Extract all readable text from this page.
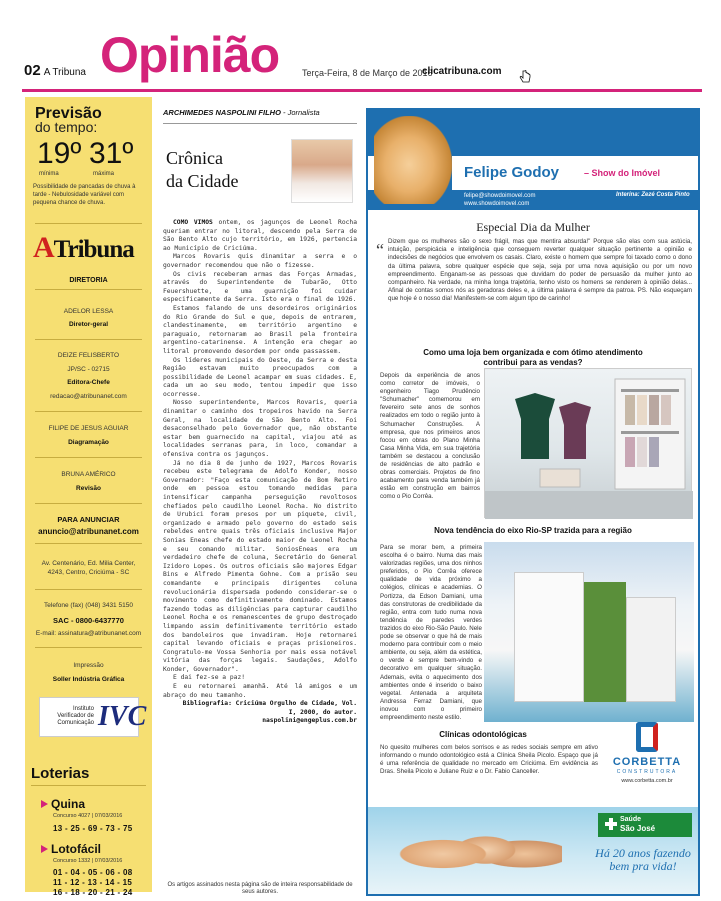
02 A Tribuna Opinião	Terça-Feira, 8 de Março de 2016
clicatribuna.com
Previsão
do tempo:
19º 31º
mínima	máxima
Possibilidade de pancadas de chuva à tarde - Nebulosidade variável com pequena chance de chuva.
ATribuna
DIRETORIA
ADELOR LESSA
Diretor-geral
DEIZE FELISBERTO
JP/SC - 02715
Editora-Chefe
redacao@atribunanet.com
FILIPE DE JESUS AGUIAR
Diagramação
BRUNA AMÉRICO
Revisão
PARA ANUNCIAR
anuncio@atribunanet.com
Av. Centenário, Ed. Milia Center, 4243, Centro, Criciúma - SC
Telefone (fax) (048) 3431 5150
SAC - 0800-6437770
E-mail: assinatura@atribunanet.com
Impressão
Soller Indústria Gráfica
Instituto Verificador de Comunicação IVC
Loterias
Quina
Concurso 4027 | 07/03/2016
13 - 25 - 69 - 73 - 75
Lotofácil
Concurso 1332 | 07/03/2016
01 - 04 - 05 - 06 - 08
11 - 12 - 13 - 14 - 15
16 - 18 - 20 - 21 - 24
ARCHIMEDES NASPOLINI FILHO - Jornalista
Crônica
da Cidade

COMO VIMOS ontem, os jagunços de Leonel Rocha queriam entrar no litoral, descendo pela Serra de São Bento Alto cujo território, em 1926, pertencia ao Município de Criciúma.

Marcos Rovaris quis dinamitar a serra e o governador recomendou que não o fizesse.

Os civis receberam armas das Forças Armadas, através do Superintendente de Tubarão, Otto Feuershuette, e uma guarnição foi cuidar especificamente da Serra. Isto era o final de 1926.

Estamos falando de uns desordeiros originários do Rio Grande do Sul e que, depois de entrarem, clandestinamente, em território argentino e paraguaio, retornaram ao Brasil pela fronteira argentino-catarinense. A intenção era chegar ao litoral promovendo desordem por onde passassem.

Os líderes municipais do Oeste, da Serra e desta Região estavam muito preocupados com a possibilidade de Leonel acampar em suas cidades. E, cada um ao seu modo, tentou impedir que isso ocorresse.

Nosso superintendente, Marcos Rovaris, queria dinamitar o caminho dos tropeiros havido na Serra Geral, na localidade de São Bento Alto. Foi desaconselhado pelo Governador que, não obstante estar bem guarnecido na capital, viajou até as localidades serranas para, in loco, comandar a ofensiva contra os jagunços.

Já no dia 8 de junho de 1927, Marcos Rovaris recebeu este telegrama de Adolfo Konder, nosso Governador: "Faço esta comunicação de Bom Retiro onde em pessoa estou tomando medidas para intensificar campanha perseguição revoltosos chefiados pelo caudilho Leonel Rocha. No distrito de Urubici foram presos por um piquete, civil, organizado e armado pelo governo do estado seis rebeldes entre quais três oficiais inclusive Major Sonias Eneas chefe do estado maior de Leonel Rocha e seu comando militar. SoniosEneas era um verdadeiro chefe de coluna, Secretário do General Izidoro Lopes. Os outros oficiais são majores Edgar Bins e Alfredo Pimenta Gohne. Com a prisão seu comandante e principais dirigentes coluna revolucionária dispersada podendo considerar-se o movimento como definitivamente dominado. Estamos fazendo todas as diligências para capturar caudilho Leonel Rocha e os remanescentes de grupo destroçado limpando assim definitivamente território estado dos bandoleiros que invadiram. Hoje retornarei capital levando oficiais e praças prisioneiros. Congratulo-me Vossa Senhoria por mais essa notável vitória das forças legais. Saudações, Adolfo Konder, Governador".

E dai fez-se a paz!

E eu retornarei amanhã. Até lá amigos e um abraço do meu tamanho.

Bibliografia: Criciúma Orgulho de Cidade, Vol. I, 2000, do autor.
naspolini@engeplus.com.br

Os artigos assinados nesta página são de inteira responsabilidade de seus autores.
Felipe Godoy	– Show do Imóvel
felipe@showdoimovel.com
www.showdoimovel.com
Interina: Zezé Costa Pinto
Especial Dia da Mulher
“ Dizem que os mulheres são o sexo frágil, mas que mentira absurda!" Porque são elas com sua astúcia, intuição, perspicácia e inteligência que conseguem reverter qualquer situação pertinente a opinião e indecisões de negócios que envolvem os casais. Claro, existe o homem que sempre foi taxado como o dono da última palavra, sobre qualquer espécie que seja, seja por uma nova aquisição ou por um novo empreendimento. Enganam-se as pessoas que duvidam do poder de persuasão da mulher junto ao companheiro. Na verdade, na minha longa trajetória, tenho visto os homens se renderem à opinião delas... Afinal de contas somos nós as geradoras deles e, a última palavra é sempre da patroa. PS. Não esqueçam que hoje é o nosso dia! Manifestem-se com algum tipo de carinho!
Como uma loja bem organizada e com ótimo atendimento contribui para as vendas?
Depois da experiência de anos como corretor de imóveis, o engenheiro Tiago Prudêncio "Schumacher" comemorou em fevereiro sete anos de sonhos realizados em todo o região junto à Schumacher Construções. A empresa, que nos primeiros anos focou em obras do Plano Minha Casa Minha Vida, em sua trajetória também se destacou a conclusão de residências de alto padrão e obras comerciais. Projetos de fino acabamento para venda também já estão em construção em bairros como o Pio Corrêa.
Nova tendência do eixo Rio-SP trazida para a região
Para se morar bem, a primeira escolha é o bairro. Numa das mais valorizadas regiões, uma dos ninhos preferidos, o Pio Corrêa oferece qualidade de vida próximo a colégios, clínicas e academias. O Portizza, da Edson Damiani, uma das construtoras de credibilidade da região, entra com tudo numa nova tendência de paredes verdes trazidos do eixo Rio-São Paulo. Nele pode se observar o que há de mais moderno para contribuir com o meio ambiente, ou seja, além da estética, o verde é sempre bem-vindo e decorativo em qualquer situação. Ademais, evita o aquecimento dos ambientes onde é inserido o baixo vegetal. Antenada a arquiteta Andressa Ferraz Damiani, que inovou com o primeiro empreendimento neste estilo.
Clínicas odontológicas
No quesito mulheres com belos sorrisos e as redes sociais sempre em ativo informando o mundo odontológico está a Clínica Sheila Picolo. Espaço que já é uma referência de qualidade no mercado em Criciúma. Em evidência as Dras. Sheila Picolo e Juliane Ruiz e o Dr. Fabio Canceller.
CORBETTA
CONSTRUTORA
www.corbetta.com.br
Saúde
São José
Há 20 anos fazendo bem pra vida!
